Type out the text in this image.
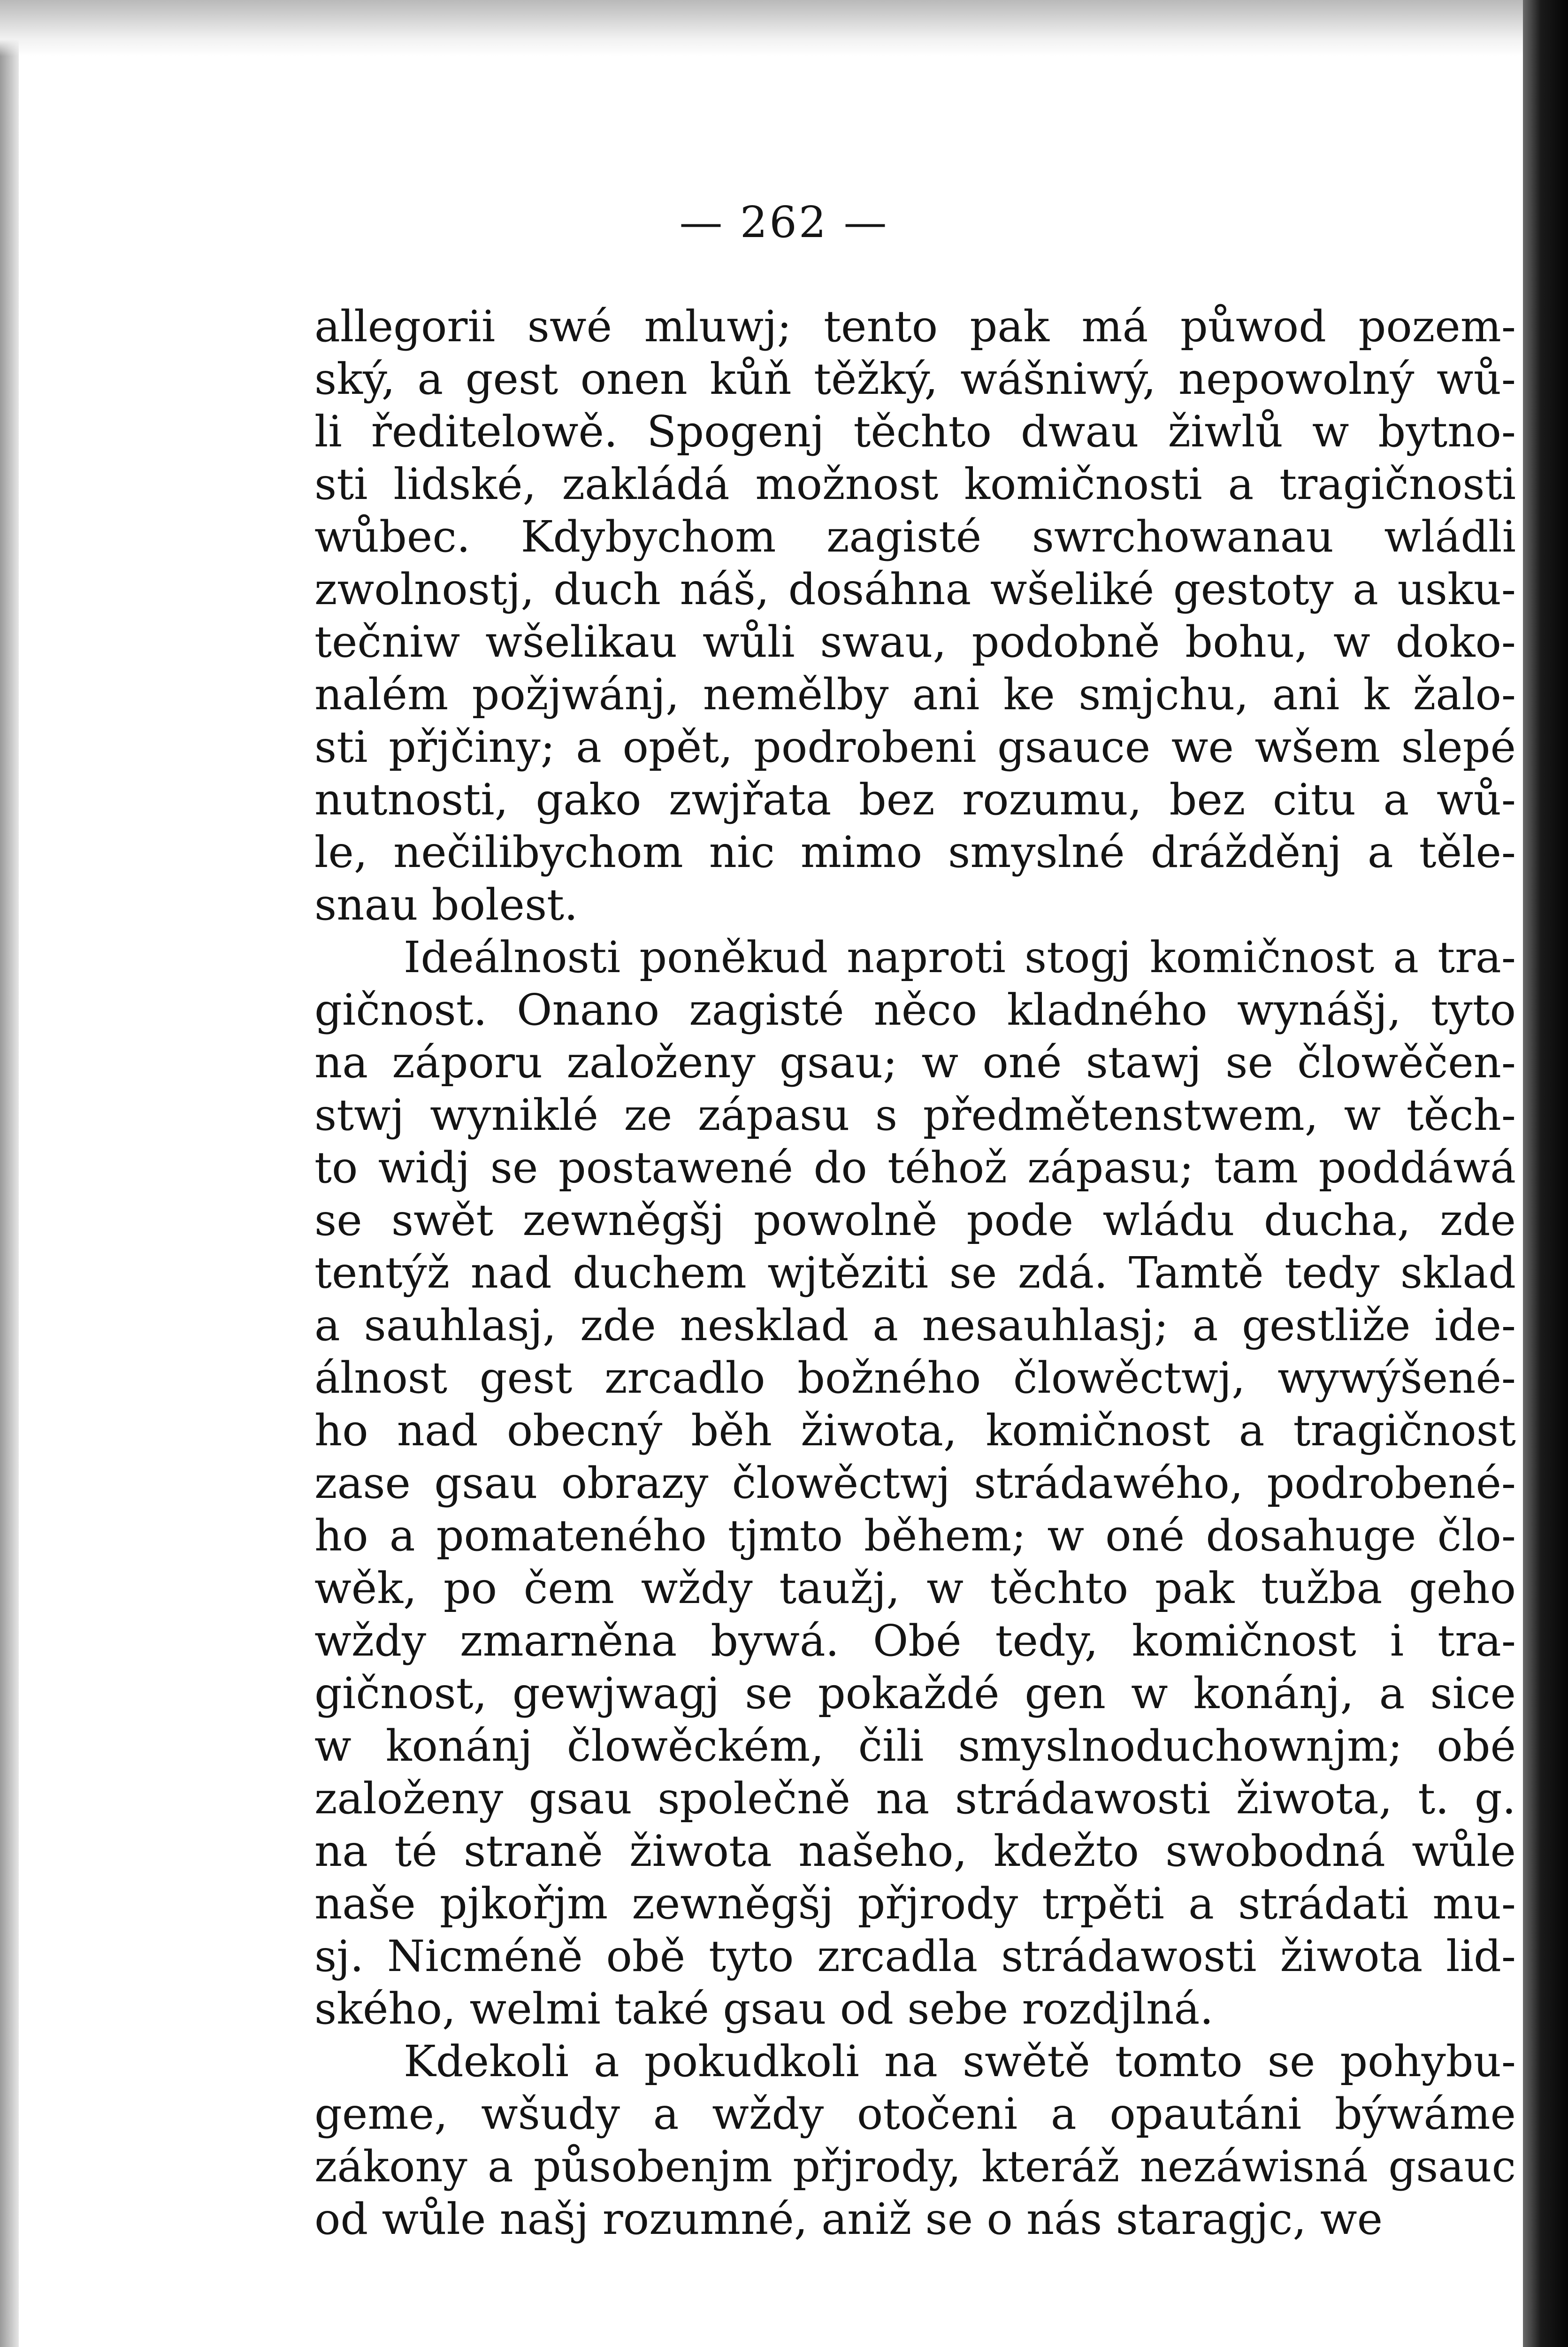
— 262 —
allegorii swé mluwj; tento pak má půwod pozem-
ský, a gest onen kůň těžký, wášniwý, nepowolný wů-
li ředitelowě. Spogenj těchto dwau žiwlů w bytno-
sti lidské, zakládá možnost komičnosti a tragičnosti
wůbec. Kdybychom zagisté swrchowanau wládli
zwolnostj, duch náš, dosáhna wšeliké gestoty a usku-
tečniw wšelikau wůli swau, podobně bohu, w doko-
nalém požjwánj, nemělby ani ke smjchu, ani k žalo-
sti přjčiny; a opět, podrobeni gsauce we wšem slepé
nutnosti, gako zwjřata bez rozumu, bez citu a wů-
le, nečilibychom nic mimo smyslné drážděnj a těle-
snau bolest.
Ideálnosti poněkud naproti stogj komičnost a tra-
gičnost. Onano zagisté něco kladného wynášj, tyto
na záporu založeny gsau; w oné stawj se člowěčen-
stwj wyniklé ze zápasu s předmětenstwem, w těch-
to widj se postawené do téhož zápasu; tam poddáwá
se swět zewněgšj powolně pode wládu ducha, zde
tentýž nad duchem wjtěziti se zdá. Tamtě tedy sklad
a sauhlasj, zde nesklad a nesauhlasj; a gestliže ide-
álnost gest zrcadlo božného člowěctwj, wywýšené-
ho nad obecný běh žiwota, komičnost a tragičnost
zase gsau obrazy člowěctwj strádawého, podrobené-
ho a pomateného tjmto během; w oné dosahuge člo-
wěk, po čem wždy taužj, w těchto pak tužba geho
wždy zmarněna bywá. Obé tedy, komičnost i tra-
gičnost, gewjwagj se pokaždé gen w konánj, a sice
w konánj člowěckém, čili smyslnoduchownjm; obé
založeny gsau společně na strádawosti žiwota, t. g.
na té straně žiwota našeho, kdežto swobodná wůle
naše pjkořjm zewněgšj přjrody trpěti a strádati mu-
sj. Nicméně obě tyto zrcadla strádawosti žiwota lid-
ského, welmi také gsau od sebe rozdjlná.
Kdekoli a pokudkoli na swětě tomto se pohybu-
geme, wšudy a wždy otočeni a opautáni býwáme
zákony a působenjm přjrody, kteráž nezáwisná gsauc
od wůle našj rozumné, aniž se o nás staragjc, we
